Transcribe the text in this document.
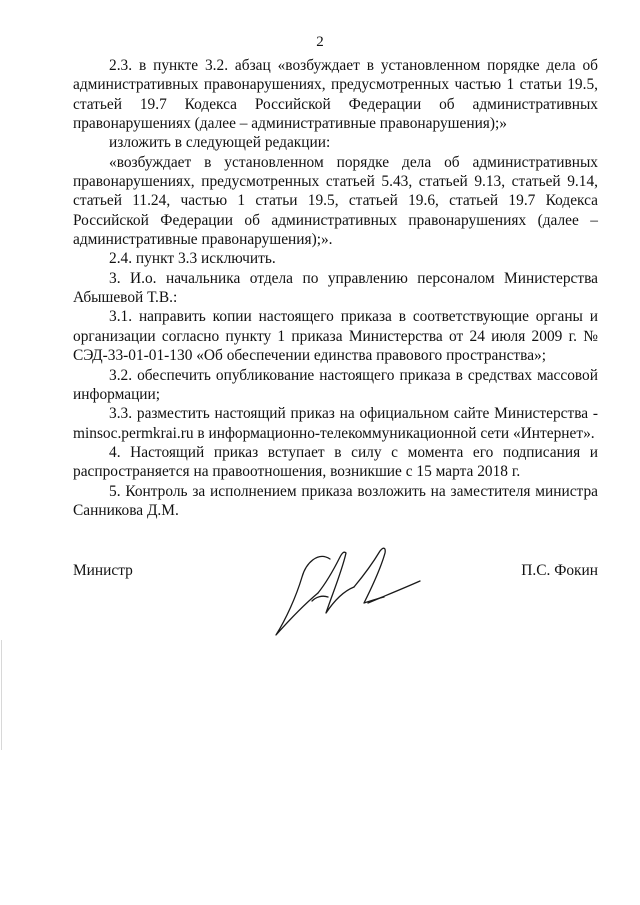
2

2.3. в пункте 3.2. абзац «возбуждает в установленном порядке дела об административных правонарушениях, предусмотренных частью 1 статьи 19.5, статьей 19.7 Кодекса Российской Федерации об административных правонарушениях (далее – административные правонарушения);»

изложить в следующей редакции:

«возбуждает в установленном порядке дела об административных правонарушениях, предусмотренных статьей 5.43, статьей 9.13, статьей 9.14, статьей 11.24, частью 1 статьи 19.5, статьей 19.6, статьей 19.7 Кодекса Российской Федерации об административных правонарушениях (далее – административные правонарушения);».

2.4. пункт 3.3 исключить.

3. И.о. начальника отдела по управлению персоналом Министерства Абышевой Т.В.:

3.1. направить копии настоящего приказа в соответствующие органы и организации согласно пункту 1 приказа Министерства от 24 июля 2009 г. № СЭД-33-01-01-130 «Об обеспечении единства правового пространства»;

3.2. обеспечить опубликование настоящего приказа в средствах массовой информации;

3.3. разместить настоящий приказ на официальном сайте Министерства - minsoc.permkrai.ru в информационно-телекоммуникационной сети «Интернет».

4. Настоящий приказ вступает в силу с момента его подписания и распространяется на правоотношения, возникшие с 15 марта 2018 г.

5. Контроль за исполнением приказа возложить на заместителя министра Санникова Д.М.

Министр	П.С. Фокин
